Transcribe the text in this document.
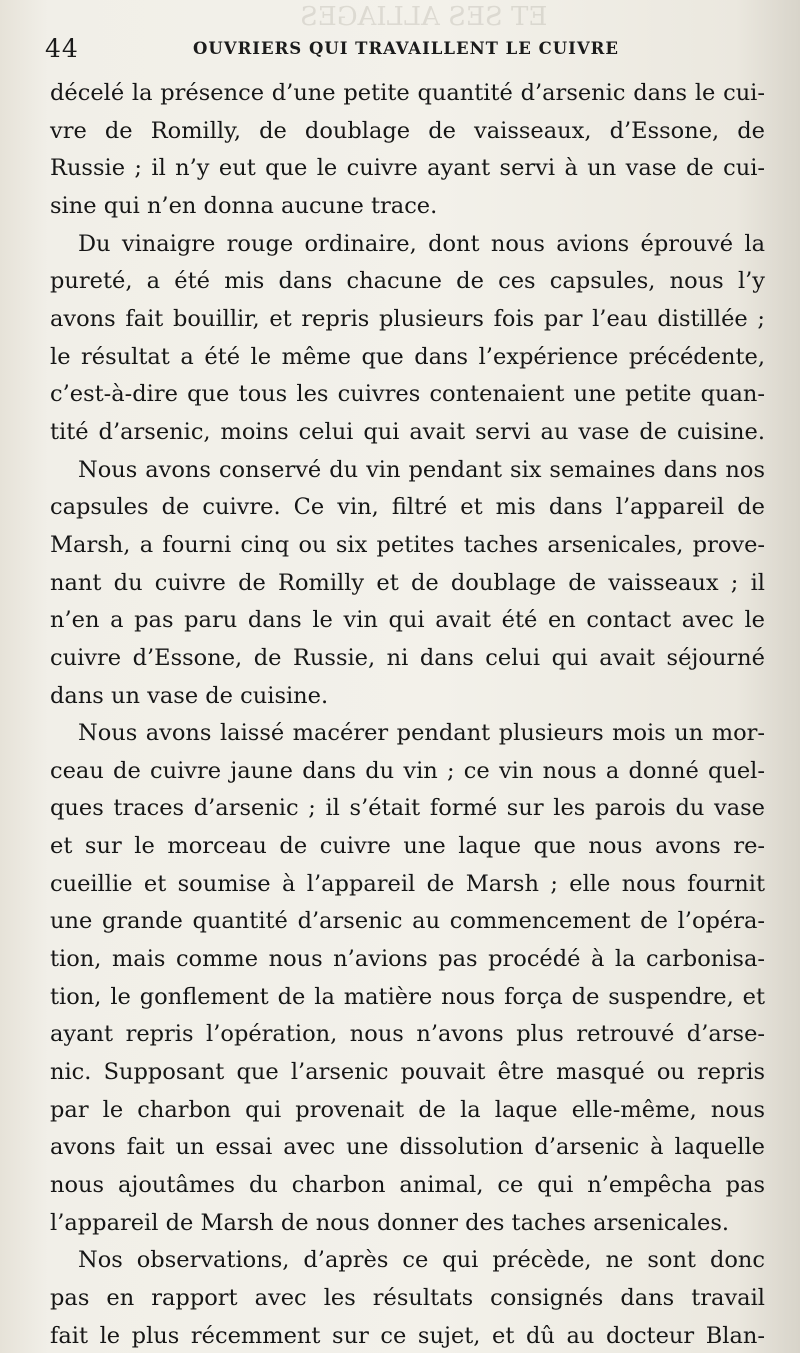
ET SES ALLIAGES
44	OUVRIERS QUI TRAVAILLENT LE CUIVRE
décelé la présence d’une petite quantité d’arsenic dans le cui-
vre de Romilly, de doublage de vaisseaux, d’Essone, de
Russie ; il n’y eut que le cuivre ayant servi à un vase de cui-
sine qui n’en donna aucune trace.
Du vinaigre rouge ordinaire, dont nous avions éprouvé la
pureté, a été mis dans chacune de ces capsules, nous l’y
avons fait bouillir, et repris plusieurs fois par l’eau distillée ;
le résultat a été le même que dans l’expérience précédente,
c’est-à-dire que tous les cuivres contenaient une petite quan-
tité d’arsenic, moins celui qui avait servi au vase de cuisine.
Nous avons conservé du vin pendant six semaines dans nos
capsules de cuivre. Ce vin, filtré et mis dans l’appareil de
Marsh, a fourni cinq ou six petites taches arsenicales, prove-
nant du cuivre de Romilly et de doublage de vaisseaux ; il
n’en a pas paru dans le vin qui avait été en contact avec le
cuivre d’Essone, de Russie, ni dans celui qui avait séjourné
dans un vase de cuisine.
Nous avons laissé macérer pendant plusieurs mois un mor-
ceau de cuivre jaune dans du vin ; ce vin nous a donné quel-
ques traces d’arsenic ; il s’était formé sur les parois du vase
et sur le morceau de cuivre une laque que nous avons re-
cueillie et soumise à l’appareil de Marsh ; elle nous fournit
une grande quantité d’arsenic au commencement de l’opéra-
tion, mais comme nous n’avions pas procédé à la carbonisa-
tion, le gonflement de la matière nous força de suspendre, et
ayant repris l’opération, nous n’avons plus retrouvé d’arse-
nic. Supposant que l’arsenic pouvait être masqué ou repris
par le charbon qui provenait de la laque elle-même, nous
avons fait un essai avec une dissolution d’arsenic à laquelle
nous ajoutâmes du charbon animal, ce qui n’empêcha pas
l’appareil de Marsh de nous donner des taches arsenicales.
Nos observations, d’après ce qui précède, ne sont donc
pas en rapport avec les résultats consignés dans travail
fait le plus récemment sur ce sujet, et dû au docteur Blan-
